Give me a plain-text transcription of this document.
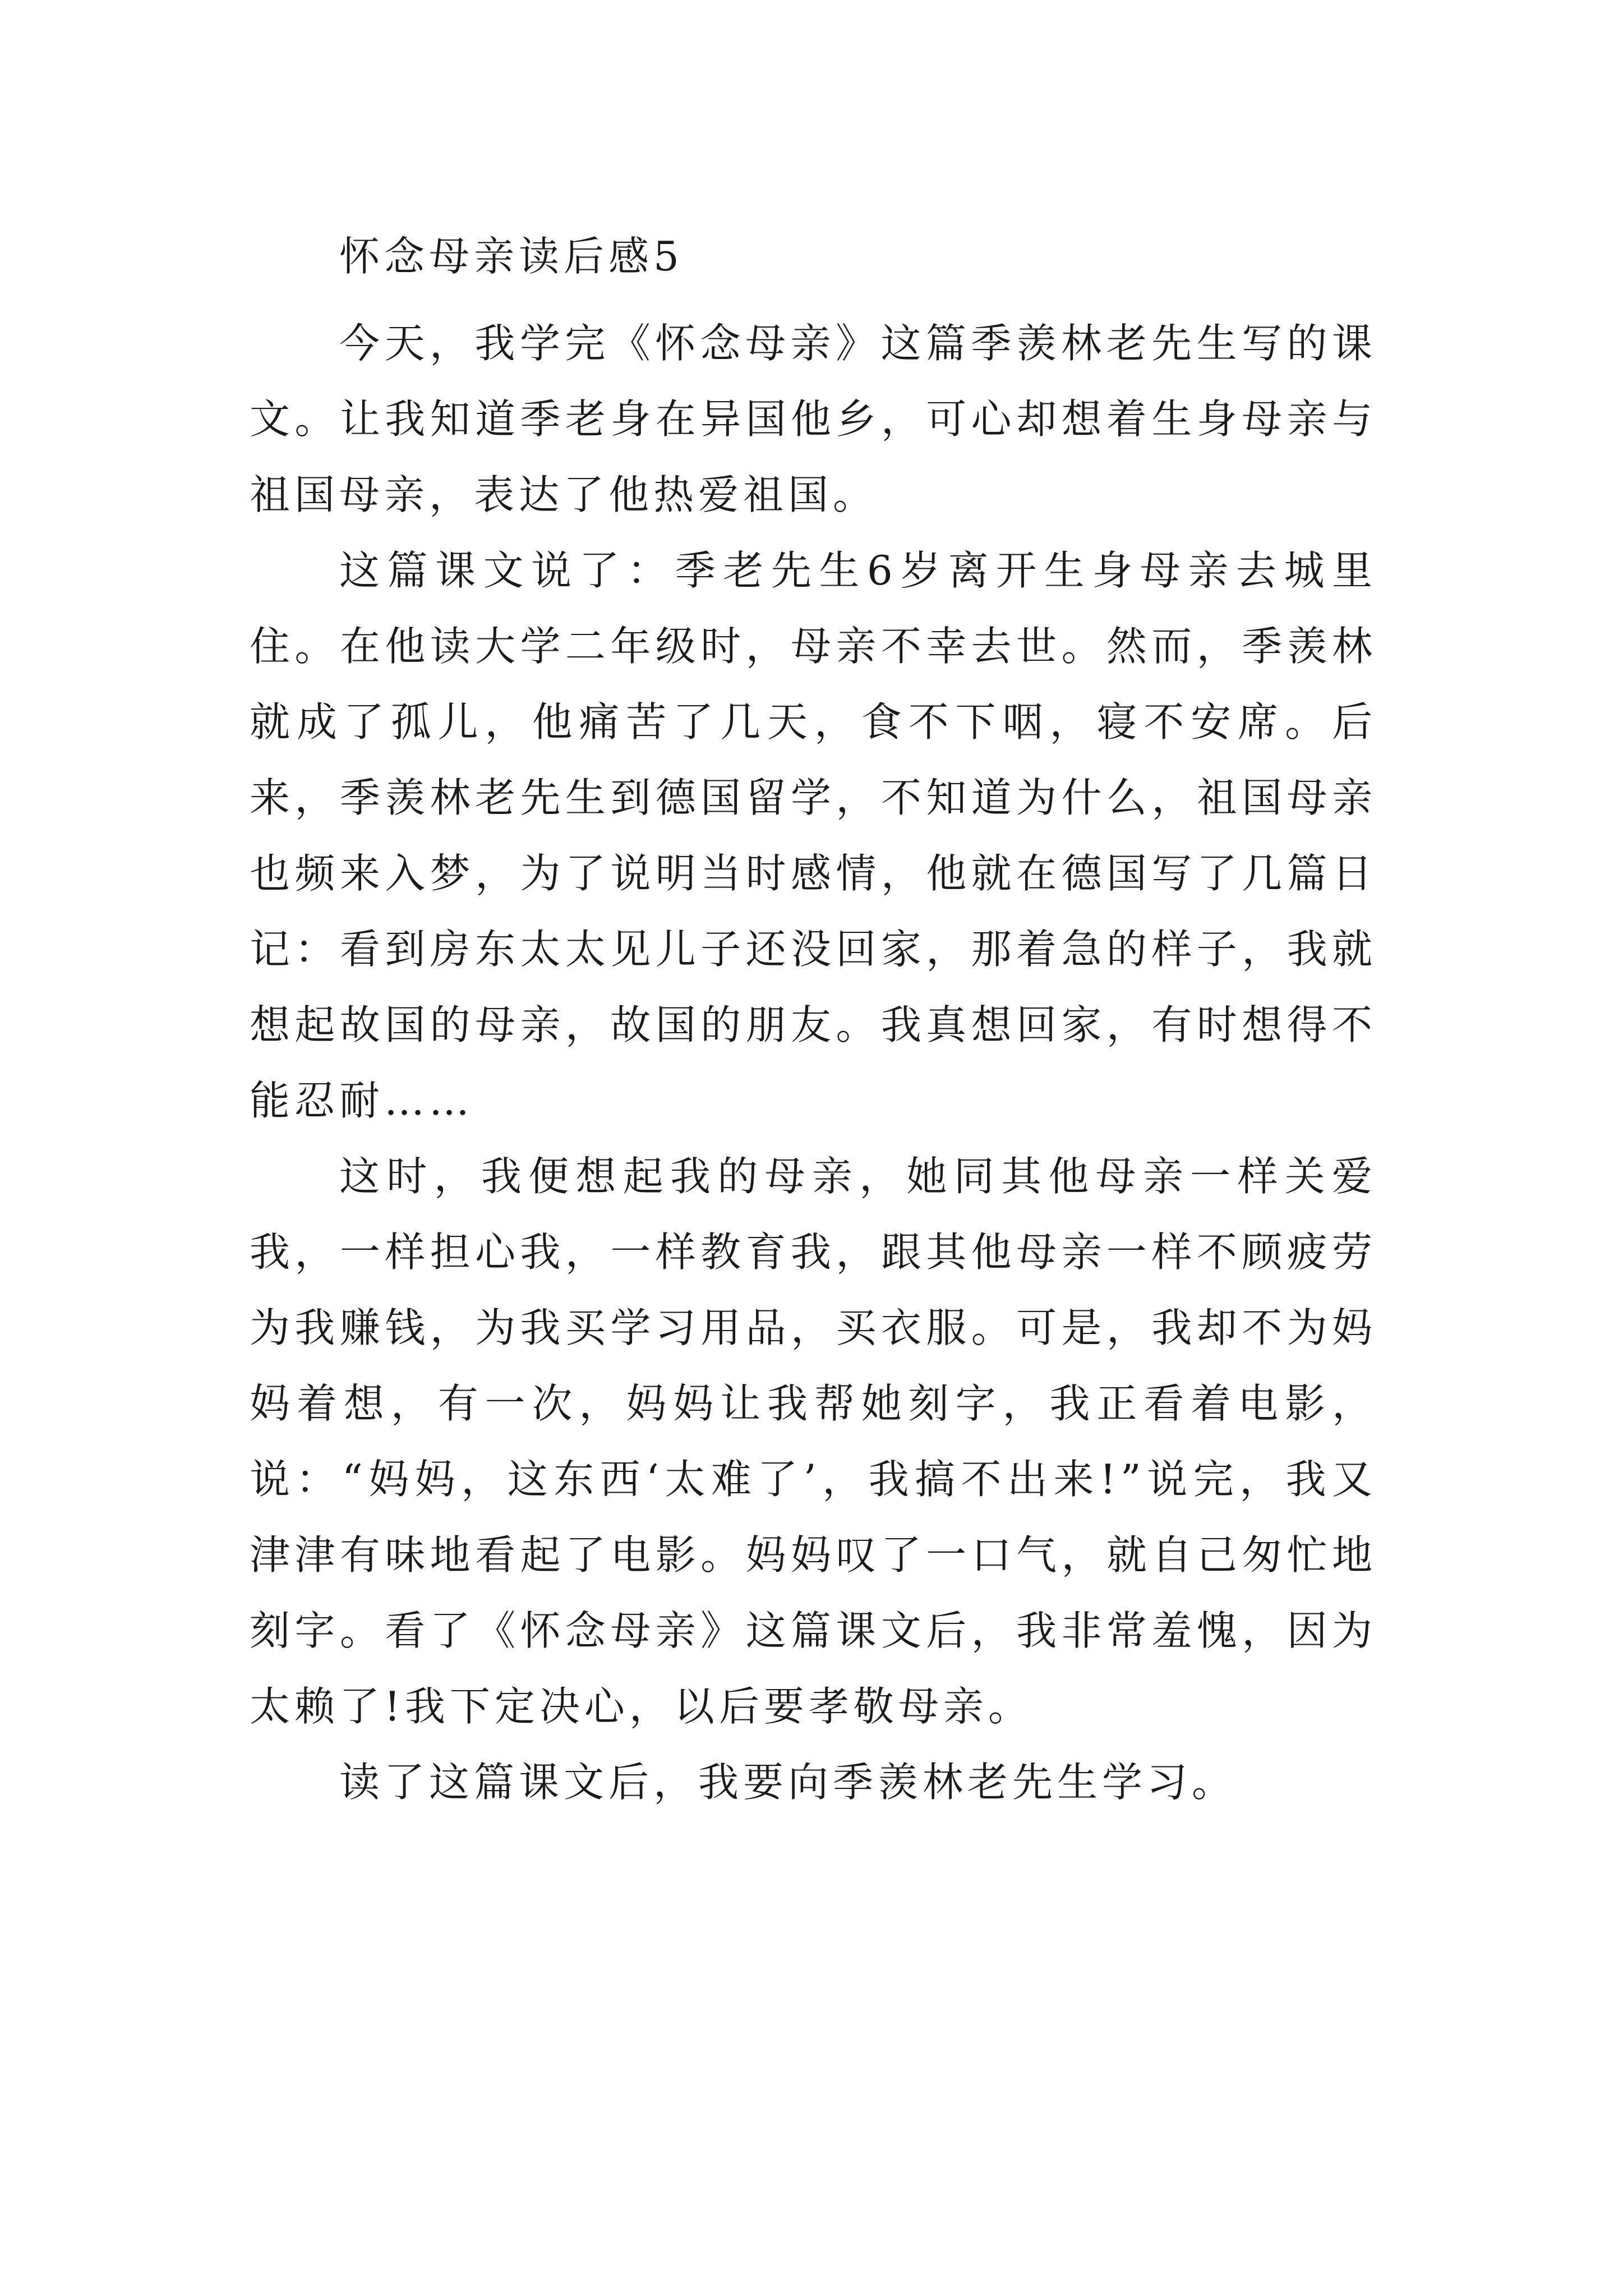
怀念母亲读后感5

今天，我学完《怀念母亲》这篇季羡林老先生写的课文。让我知道季老身在异国他乡，可心却想着生身母亲与祖国母亲，表达了他热爱祖国。

这篇课文说了：季老先生6岁离开生身母亲去城里住。在他读大学二年级时，母亲不幸去世。然而，季羡林就成了孤儿，他痛苦了几天，食不下咽，寝不安席。后来，季羡林老先生到德国留学，不知道为什么，祖国母亲也频来入梦，为了说明当时感情，他就在德国写了几篇日记：看到房东太太见儿子还没回家，那着急的样子，我就想起故国的母亲，故国的朋友。我真想回家，有时想得不能忍耐……

这时，我便想起我的母亲，她同其他母亲一样关爱我，一样担心我，一样教育我，跟其他母亲一样不顾疲劳为我赚钱，为我买学习用品，买衣服。可是，我却不为妈妈着想，有一次，妈妈让我帮她刻字，我正看着电影，说：“妈妈，这东西‘太难了’，我搞不出来!”说完，我又津津有味地看起了电影。妈妈叹了一口气，就自己匆忙地刻字。看了《怀念母亲》这篇课文后，我非常羞愧，因为太赖了!我下定决心，以后要孝敬母亲。

读了这篇课文后，我要向季羡林老先生学习。
